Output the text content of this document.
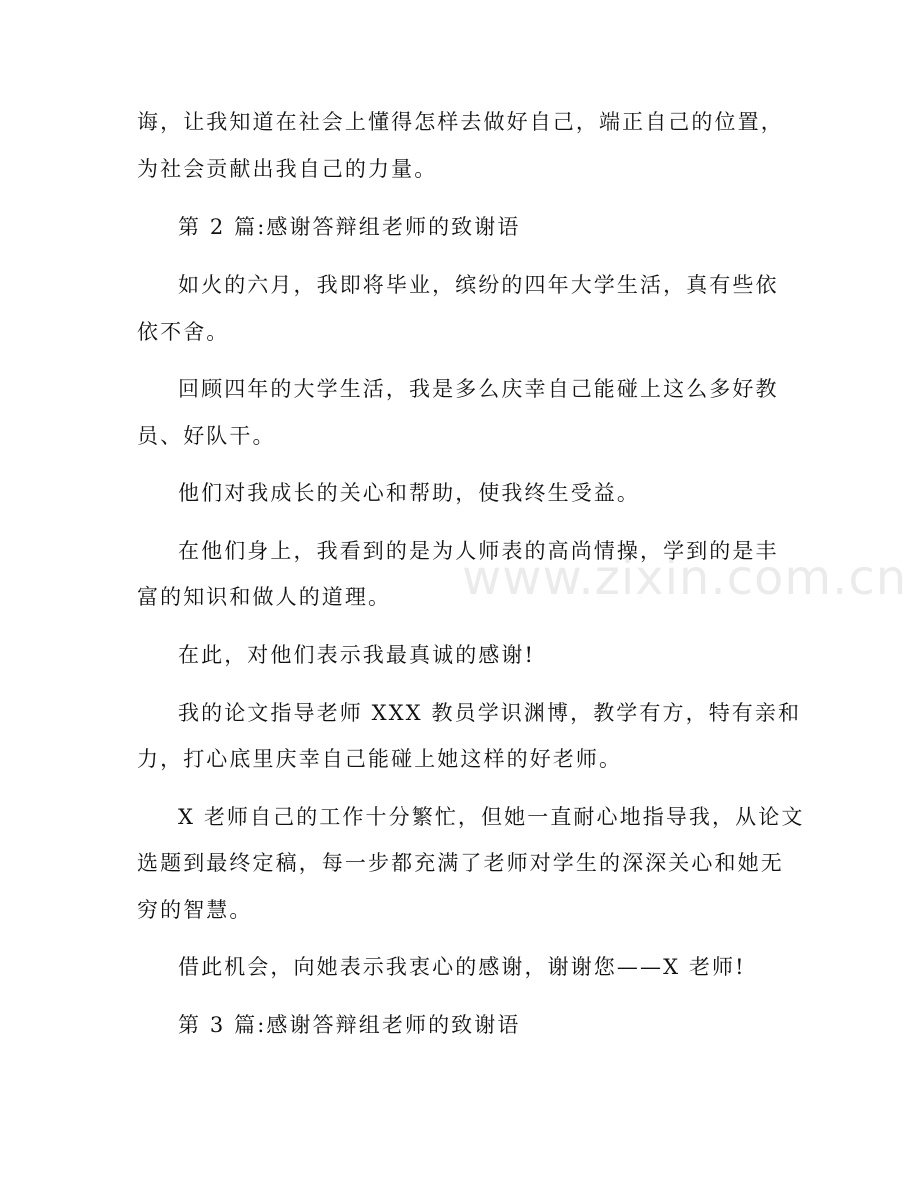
诲，让我知道在社会上懂得怎样去做好自己，端正自己的位置，
为社会贡献出我自己的力量。
第 2 篇:感谢答辩组老师的致谢语
如火的六月，我即将毕业，缤纷的四年大学生活，真有些依
依不舍。
回顾四年的大学生活，我是多么庆幸自己能碰上这么多好教
员、好队干。
他们对我成长的关心和帮助，使我终生受益。
在他们身上，我看到的是为人师表的高尚情操，学到的是丰
富的知识和做人的道理。
在此，对他们表示我最真诚的感谢!
我的论文指导老师 XXX 教员学识渊博，教学有方，特有亲和
力，打心底里庆幸自己能碰上她这样的好老师。
X 老师自己的工作十分繁忙，但她一直耐心地指导我，从论文
选题到最终定稿，每一步都充满了老师对学生的深深关心和她无
穷的智慧。
借此机会，向她表示我衷心的感谢，谢谢您——X 老师!
第 3 篇:感谢答辩组老师的致谢语
www.zixin.com.cn
